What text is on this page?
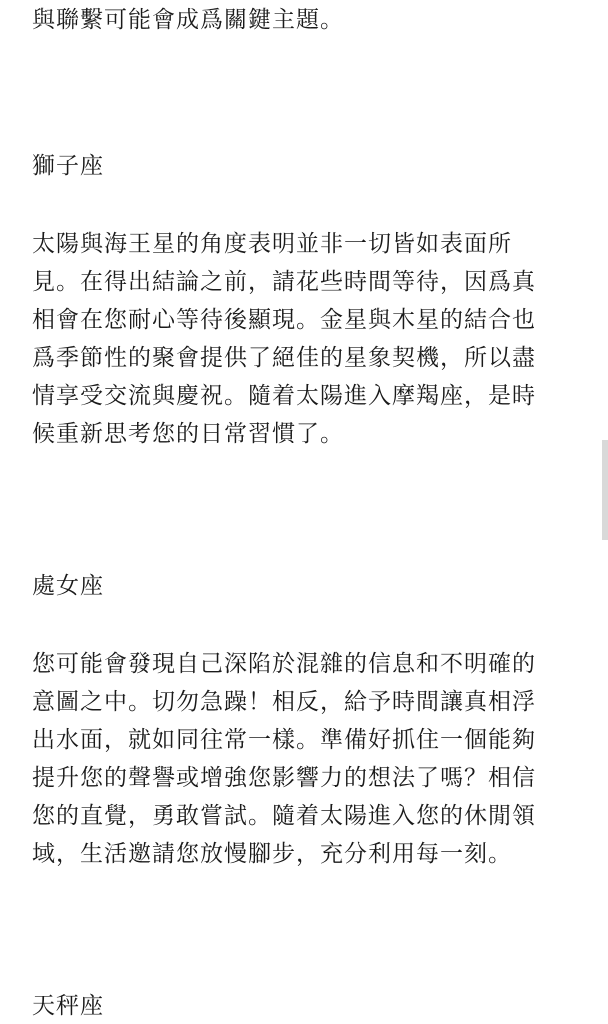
與聯繫可能會成爲關鍵主題。
獅子座
太陽與海王星的角度表明並非一切皆如表面所
見。在得出結論之前，請花些時間等待，因爲真
相會在您耐心等待後顯現。金星與木星的結合也
爲季節性的聚會提供了絕佳的星象契機，所以盡
情享受交流與慶祝。隨着太陽進入摩羯座，是時
候重新思考您的日常習慣了。
處女座
您可能會發現自己深陷於混雜的信息和不明確的
意圖之中。切勿急躁！相反，給予時間讓真相浮
出水面，就如同往常一樣。準備好抓住一個能夠
提升您的聲譽或增強您影響力的想法了嗎？相信
您的直覺，勇敢嘗試。隨着太陽進入您的休閒領
域，生活邀請您放慢腳步，充分利用每一刻。
天秤座
